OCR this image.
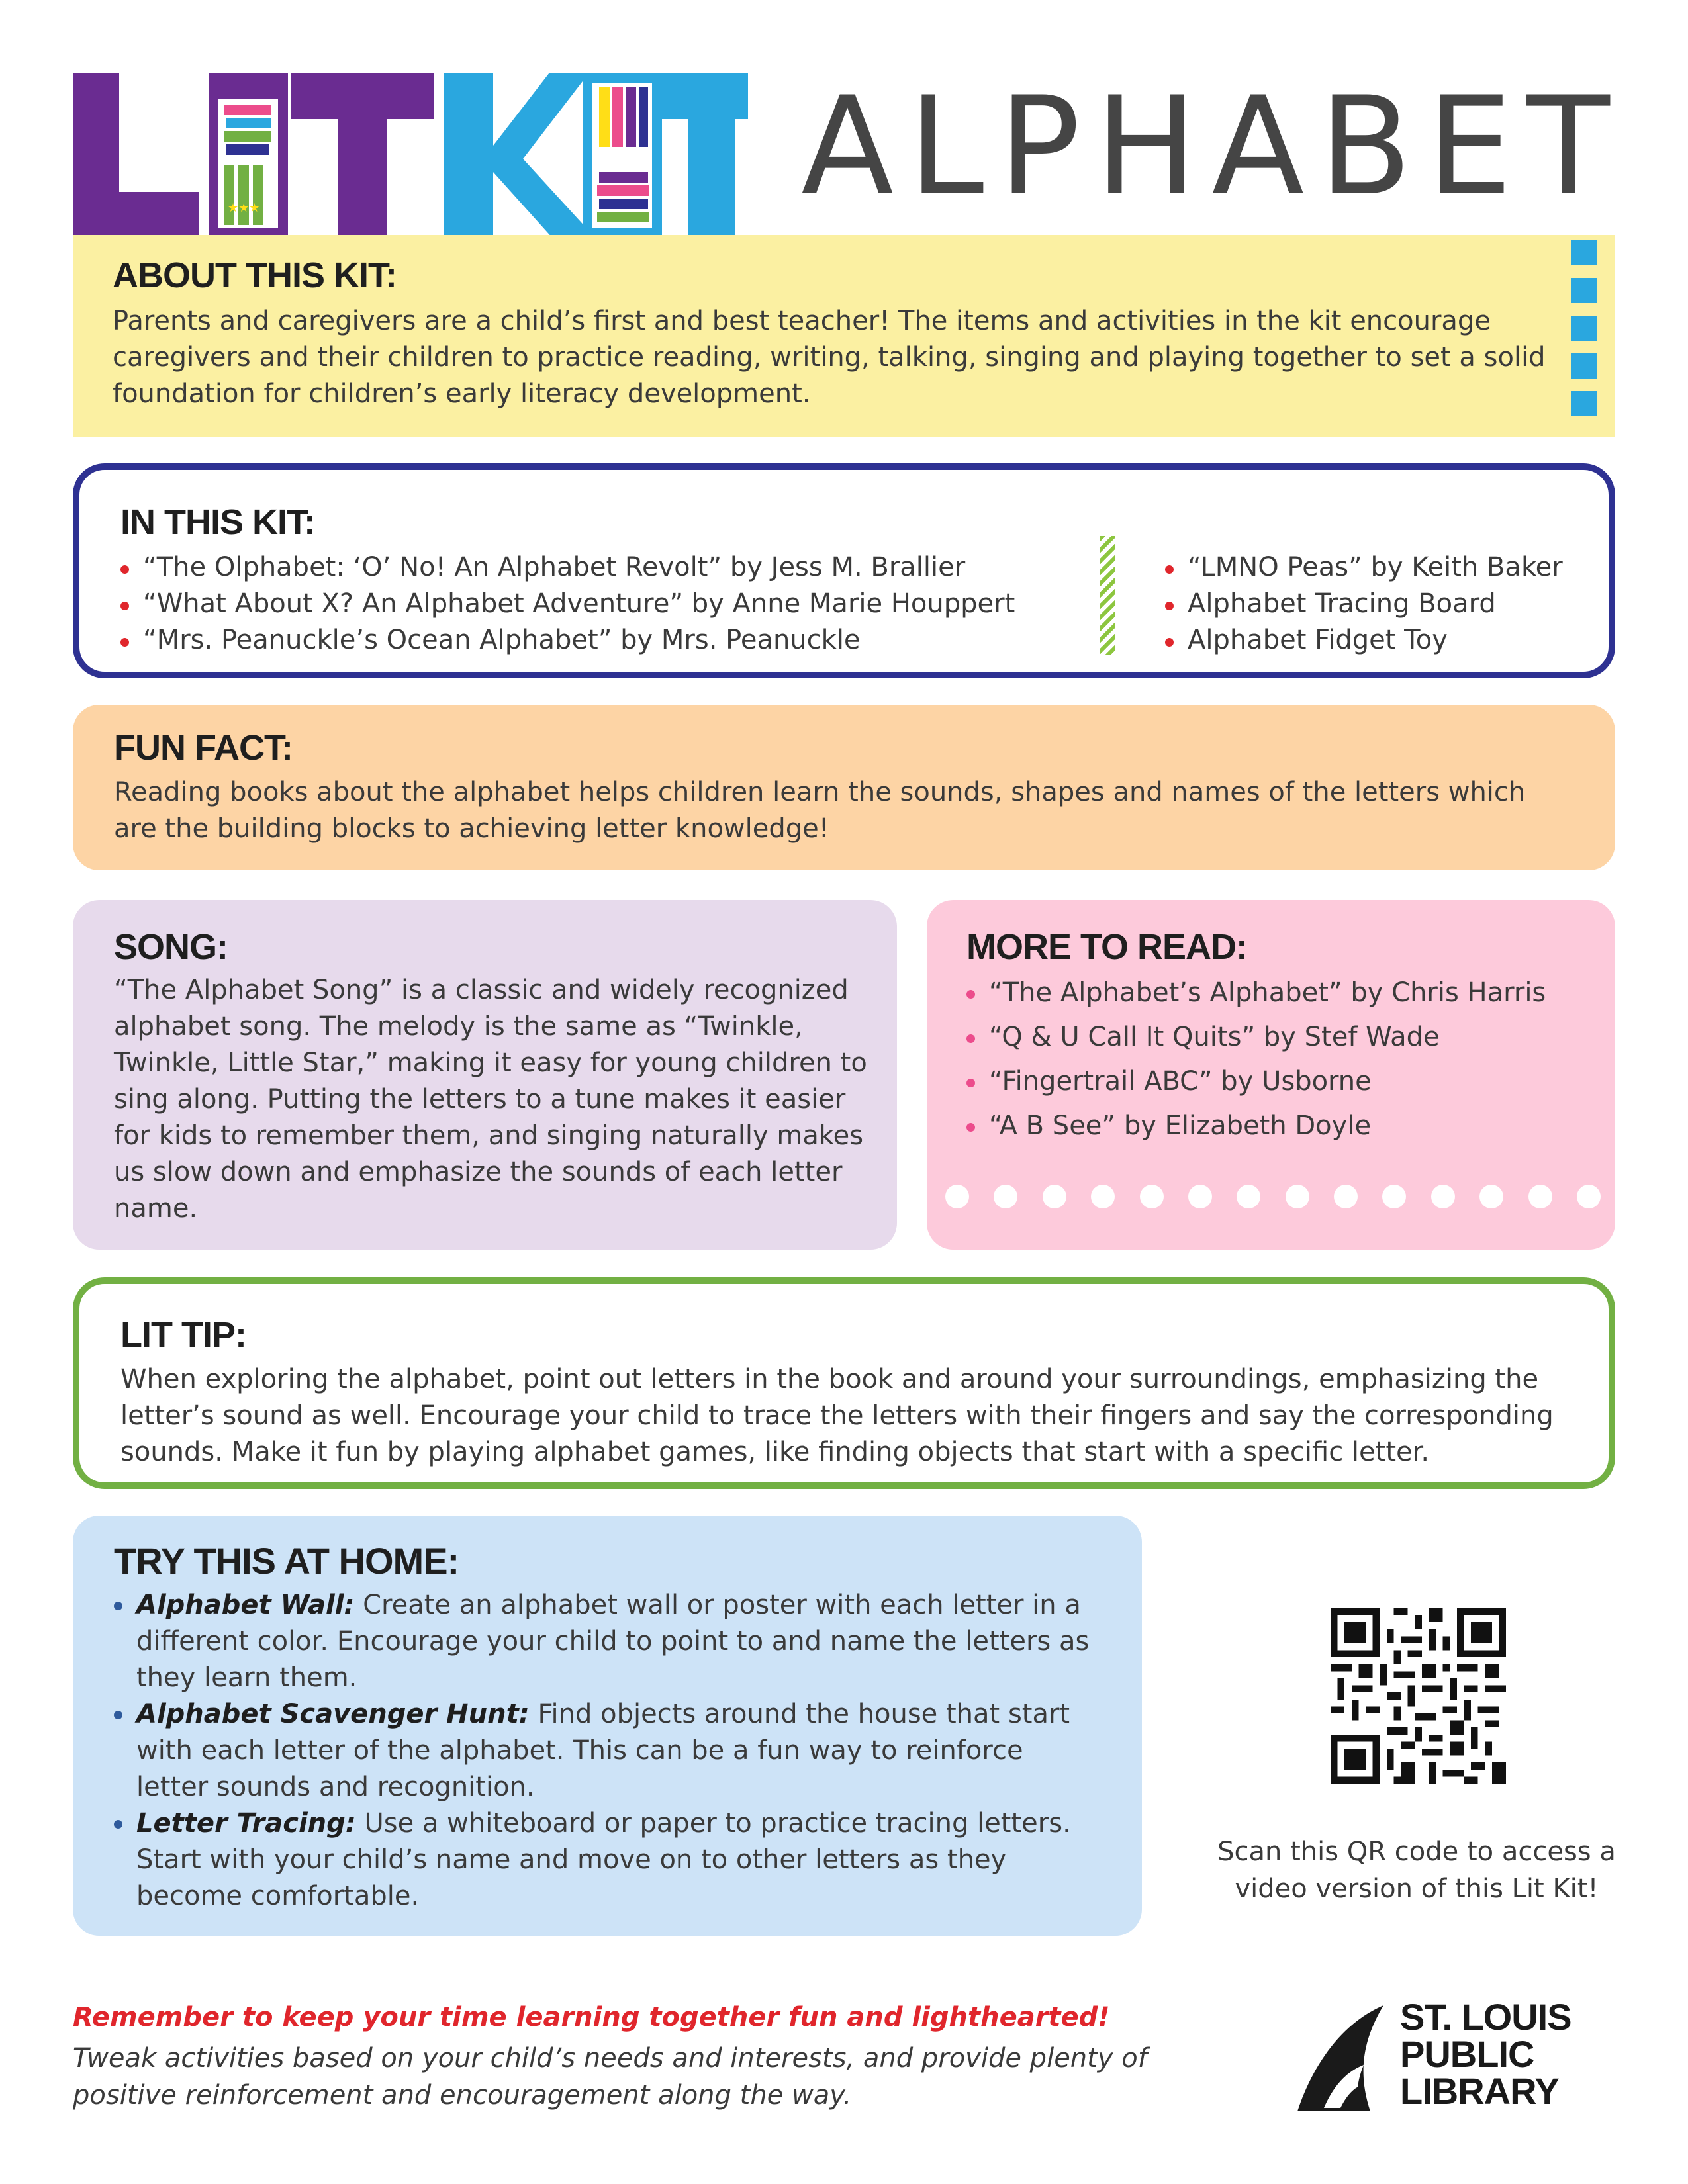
★★★	ALPHABET
ABOUT THIS KIT:

Parents and caregivers are a child’s first and best teacher! The items and activities in the kit encourage caregivers and their children to practice reading, writing, talking, singing and playing together to set a solid foundation for children’s early literacy development.

IN THIS KIT:
“The Olphabet: ‘O’ No! An Alphabet Revolt” by Jess M. Brallier
“What About X? An Alphabet Adventure” by Anne Marie Houppert
“Mrs. Peanuckle’s Ocean Alphabet” by Mrs. Peanuckle
“LMNO Peas” by Keith Baker
Alphabet Tracing Board
Alphabet Fidget Toy
FUN FACT:

Reading books about the alphabet helps children learn the sounds, shapes and names of the letters which are the building blocks to achieving letter knowledge!

SONG:

“The Alphabet Song” is a classic and widely recognized alphabet song. The melody is the same as “Twinkle, Twinkle, Little Star,” making it easy for young children to sing along. Putting the letters to a tune makes it easier for kids to remember them, and singing naturally makes us slow down and emphasize the sounds of each letter name.

MORE TO READ:
“The Alphabet’s Alphabet” by Chris Harris
“Q & U Call It Quits” by Stef Wade
“Fingertrail ABC” by Usborne
“A B See” by Elizabeth Doyle
LIT TIP:

When exploring the alphabet, point out letters in the book and around your surroundings, emphasizing the letter’s sound as well. Encourage your child to trace the letters with their fingers and say the corresponding sounds. Make it fun by playing alphabet games, like finding objects that start with a specific letter.

TRY THIS AT HOME:
Alphabet Wall: Create an alphabet wall or poster with each letter in a different color. Encourage your child to point to and name the letters as they learn them.
Alphabet Scavenger Hunt: Find objects around the house that start with each letter of the alphabet. This can be a fun way to reinforce letter sounds and recognition.
Letter Tracing: Use a whiteboard or paper to practice tracing letters. Start with your child’s name and move on to other letters as they become comfortable.
Scan this QR code to access a video version of this Lit Kit!
Remember to keep your time learning together fun and lighthearted!
Tweak activities based on your child’s needs and interests, and provide plenty of positive reinforcement and encouragement along the way.
ST. LOUIS
PUBLIC
LIBRARY
